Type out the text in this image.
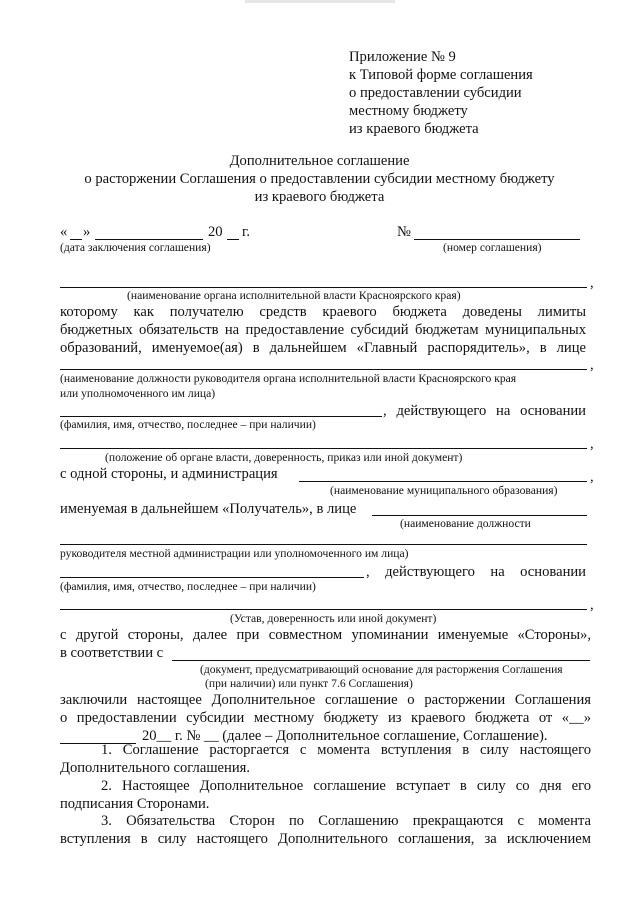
Приложение № 9
к Типовой форме соглашения
о предоставлении субсидии
местному бюджету
из краевого бюджета
Дополнительное соглашение
о расторжении Соглашения о предоставлении субсидии местному бюджету
из краевого бюджета
« »	20 г.	№
(дата заключения соглашения)	(номер соглашения)
,
(наименование органа исполнительной власти Красноярского края)
которому как получателю средств краевого бюджета доведены лимиты
бюджетных обязательств на предоставление субсидий бюджетам муниципальных
образований, именуемое(ая) в дальнейшем «Главный распорядитель», в лице
,
(наименование должности руководителя органа исполнительной власти Красноярского края
или уполномоченного им лица)
, действующего на основании
(фамилия, имя, отчество, последнее – при наличии)
,
(положение об органе власти, доверенность, приказ или иной документ)
с одной стороны, и администрация	,
(наименование муниципального образования)
именуемая в дальнейшем «Получатель», в лице
(наименование должности
руководителя местной администрации или уполномоченного им лица)
, действующего на основании
(фамилия, имя, отчество, последнее – при наличии)
,
(Устав, доверенность или иной документ)
с другой стороны, далее при совместном упоминании именуемые «Стороны»,
в соответствии с
(документ, предусматривающий основание для расторжения Соглашения
(при наличии) или пункт 7.6 Соглашения)
заключили настоящее Дополнительное соглашение о расторжении Соглашения
о предоставлении субсидии местному бюджету из краевого бюджета от «__»
20__ г. № __ (далее – Дополнительное соглашение, Соглашение).
1. Соглашение расторгается с момента вступления в силу настоящего
Дополнительного соглашения.
2. Настоящее Дополнительное соглашение вступает в силу со дня его
подписания Сторонами.
3. Обязательства Сторон по Соглашению прекращаются с момента
вступления в силу настоящего Дополнительного соглашения, за исключением
